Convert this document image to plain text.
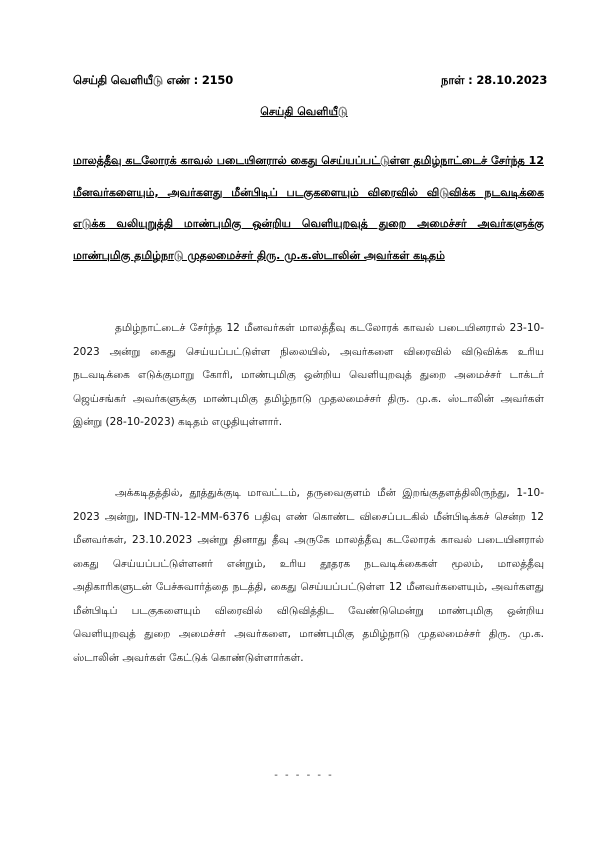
செய்தி வெளியீடு எண் : 2150	நாள் : 28.10.2023
செய்தி வெளியீடு
மாலத்தீவு கடலோரக் காவல் படையினரால் கைது செய்யப்பட்டுள்ள தமிழ்நாட்டைச் சேர்ந்த 12 மீனவர்களையும், அவர்களது மீன்பிடிப் படகுகளையும் விரைவில் விடுவிக்க நடவடிக்கை எடுக்க வலியுறுத்தி மாண்புமிகு ஒன்றிய வெளியுறவுத் துறை அமைச்சர் அவர்களுக்கு மாண்புமிகு தமிழ்நாடு முதலமைச்சர் திரு. மு.க.ஸ்டாலின் அவர்கள் கடிதம்
தமிழ்நாட்டைச் சேர்ந்த 12 மீனவர்கள் மாலத்தீவு கடலோரக் காவல் படையினரால் 23-10-2023 அன்று கைது செய்யப்பட்டுள்ள நிலையில், அவர்களை விரைவில் விடுவிக்க உரிய நடவடிக்கை எடுக்குமாறு கோரி, மாண்புமிகு ஒன்றிய வெளியுறவுத் துறை அமைச்சர் டாக்டர் ஜெய்சங்கர் அவர்களுக்கு மாண்புமிகு தமிழ்நாடு முதலமைச்சர் திரு. மு.க. ஸ்டாலின் அவர்கள் இன்று (28-10-2023) கடிதம் எழுதியுள்ளார்.
அக்கடிதத்தில், தூத்துக்குடி மாவட்டம், தருவைகுளம் மீன் இறங்குதளத்திலிருந்து, 1-10-2023 அன்று, IND-TN-12-MM-6376 பதிவு எண் கொண்ட விசைப்படகில் மீன்பிடிக்கச் சென்ற 12 மீனவர்கள், 23.10.2023 அன்று தினாது தீவு அருகே மாலத்தீவு கடலோரக் காவல் படையினரால் கைது செய்யப்பட்டுள்ளனர் என்றும், உரிய தூதரக நடவடிக்கைகள் மூலம், மாலத்தீவு அதிகாரிகளுடன் பேச்சுவார்த்தை நடத்தி, கைது செய்யப்பட்டுள்ள 12 மீனவர்களையும், அவர்களது மீன்பிடிப் படகுகளையும் விரைவில் விடுவித்திட வேண்டுமென்று மாண்புமிகு ஒன்றிய வெளியுறவுத் துறை அமைச்சர் அவர்களை, மாண்புமிகு தமிழ்நாடு முதலமைச்சர் திரு. மு.க. ஸ்டாலின் அவர்கள் கேட்டுக் கொண்டுள்ளார்கள்.
- - - - - -
